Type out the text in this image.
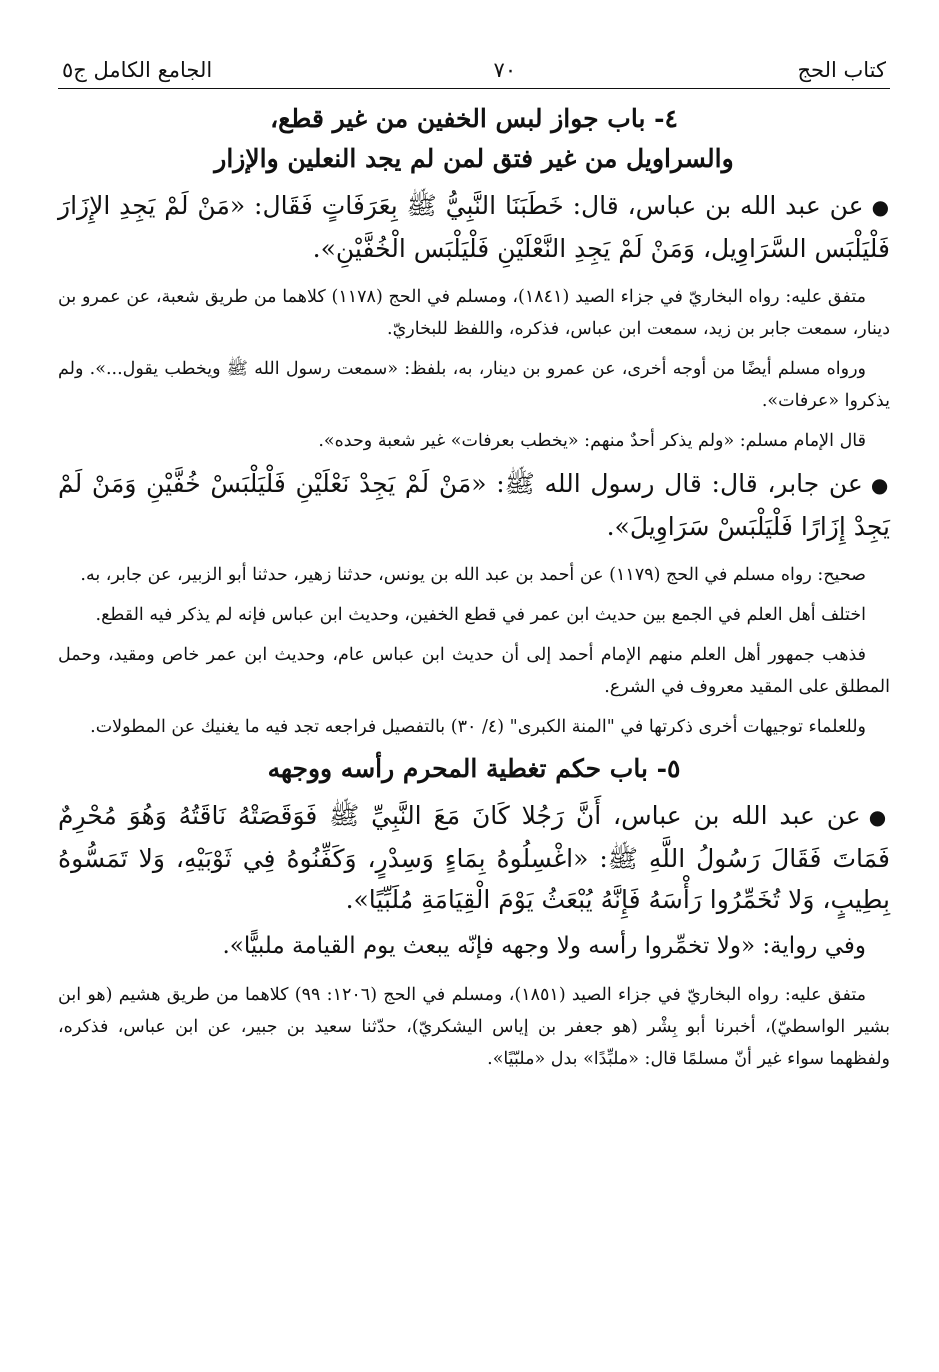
كتاب الحج
٧٠
الجامع الكامل ج٥
٤- باب جواز لبس الخفين من غير قطع،
والسراويل من غير فتق لمن لم يجد النعلين والإزار

●عن عبد الله بن عباس، قال: خَطَبَنَا النَّبِيُّ ﷺ بِعَرَفَاتٍ فَقَال: «مَنْ لَمْ يَجِدِ الإِزَارَ فَلْيَلْبَس السَّرَاوِيل، وَمَنْ لَمْ يَجِدِ النَّعْلَيْنِ فَلْيَلْبَس الْخُفَّيْنِ».

متفق عليه: رواه البخاريّ في جزاء الصيد (١٨٤١)، ومسلم في الحج (١١٧٨) كلاهما من طريق شعبة، عن عمرو بن دينار، سمعت جابر بن زيد، سمعت ابن عباس، فذكره، واللفظ للبخاريّ.

ورواه مسلم أيضًا من أوجه أخرى، عن عمرو بن دينار، به، بلفظ: «سمعت رسول الله ﷺ ويخطب يقول...». ولم يذكروا «عرفات».

قال الإمام مسلم: «ولم يذكر أحدٌ منهم: «يخطب بعرفات» غير شعبة وحده».

●عن جابر، قال: قال رسول الله ﷺ: «مَنْ لَمْ يَجِدْ نَعْلَيْنِ فَلْيَلْبَسْ خُفَّيْنِ وَمَنْ لَمْ يَجِدْ إِزَارًا فَلْيَلْبَسْ سَرَاوِيلَ».

صحيح: رواه مسلم في الحج (١١٧٩) عن أحمد بن عبد الله بن يونس، حدثنا زهير، حدثنا أبو الزبير، عن جابر، به.

اختلف أهل العلم في الجمع بين حديث ابن عمر في قطع الخفين، وحديث ابن عباس فإنه لم يذكر فيه القطع.

فذهب جمهور أهل العلم منهم الإمام أحمد إلى أن حديث ابن عباس عام، وحديث ابن عمر خاص ومقيد، وحمل المطلق على المقيد معروف في الشرع.

وللعلماء توجيهات أخرى ذكرتها في "المنة الكبرى" (٤/ ٣٠) بالتفصيل فراجعه تجد فيه ما يغنيك عن المطولات.

٥- باب حكم تغطية المحرم رأسه ووجهه

●عن عبد الله بن عباس، أَنَّ رَجُلا كَانَ مَعَ النَّبِيِّ ﷺ فَوَقَصَتْهُ نَاقَتُهُ وَهُوَ مُحْرِمٌ فَمَاتَ فَقَالَ رَسُولُ اللَّهِ ﷺ: «اغْسِلُوهُ بِمَاءٍ وَسِدْرٍ، وَكَفِّنُوهُ فِي ثَوْبَيْهِ، وَلا تَمَسُّوهُ بِطِيبٍ، وَلا تُخَمِّرُوا رَأْسَهُ فَإِنَّهُ يُبْعَثُ يَوْمَ الْقِيَامَةِ مُلَبِّيًا».

وفي رواية: «ولا تخمِّروا رأسه ولا وجهه فإنّه يبعث يوم القيامة ملبيًّا».

متفق عليه: رواه البخاريّ في جزاء الصيد (١٨٥١)، ومسلم في الحج (١٢٠٦: ٩٩) كلاهما من طريق هشيم (هو ابن بشير الواسطيّ)، أخبرنا أبو بِشْر (هو جعفر بن إياس اليشكريّ)، حدّثنا سعيد بن جبير، عن ابن عباس، فذكره، ولفظهما سواء غير أنّ مسلمًا قال: «ملبِّدًا» بدل «ملبّيًا».
